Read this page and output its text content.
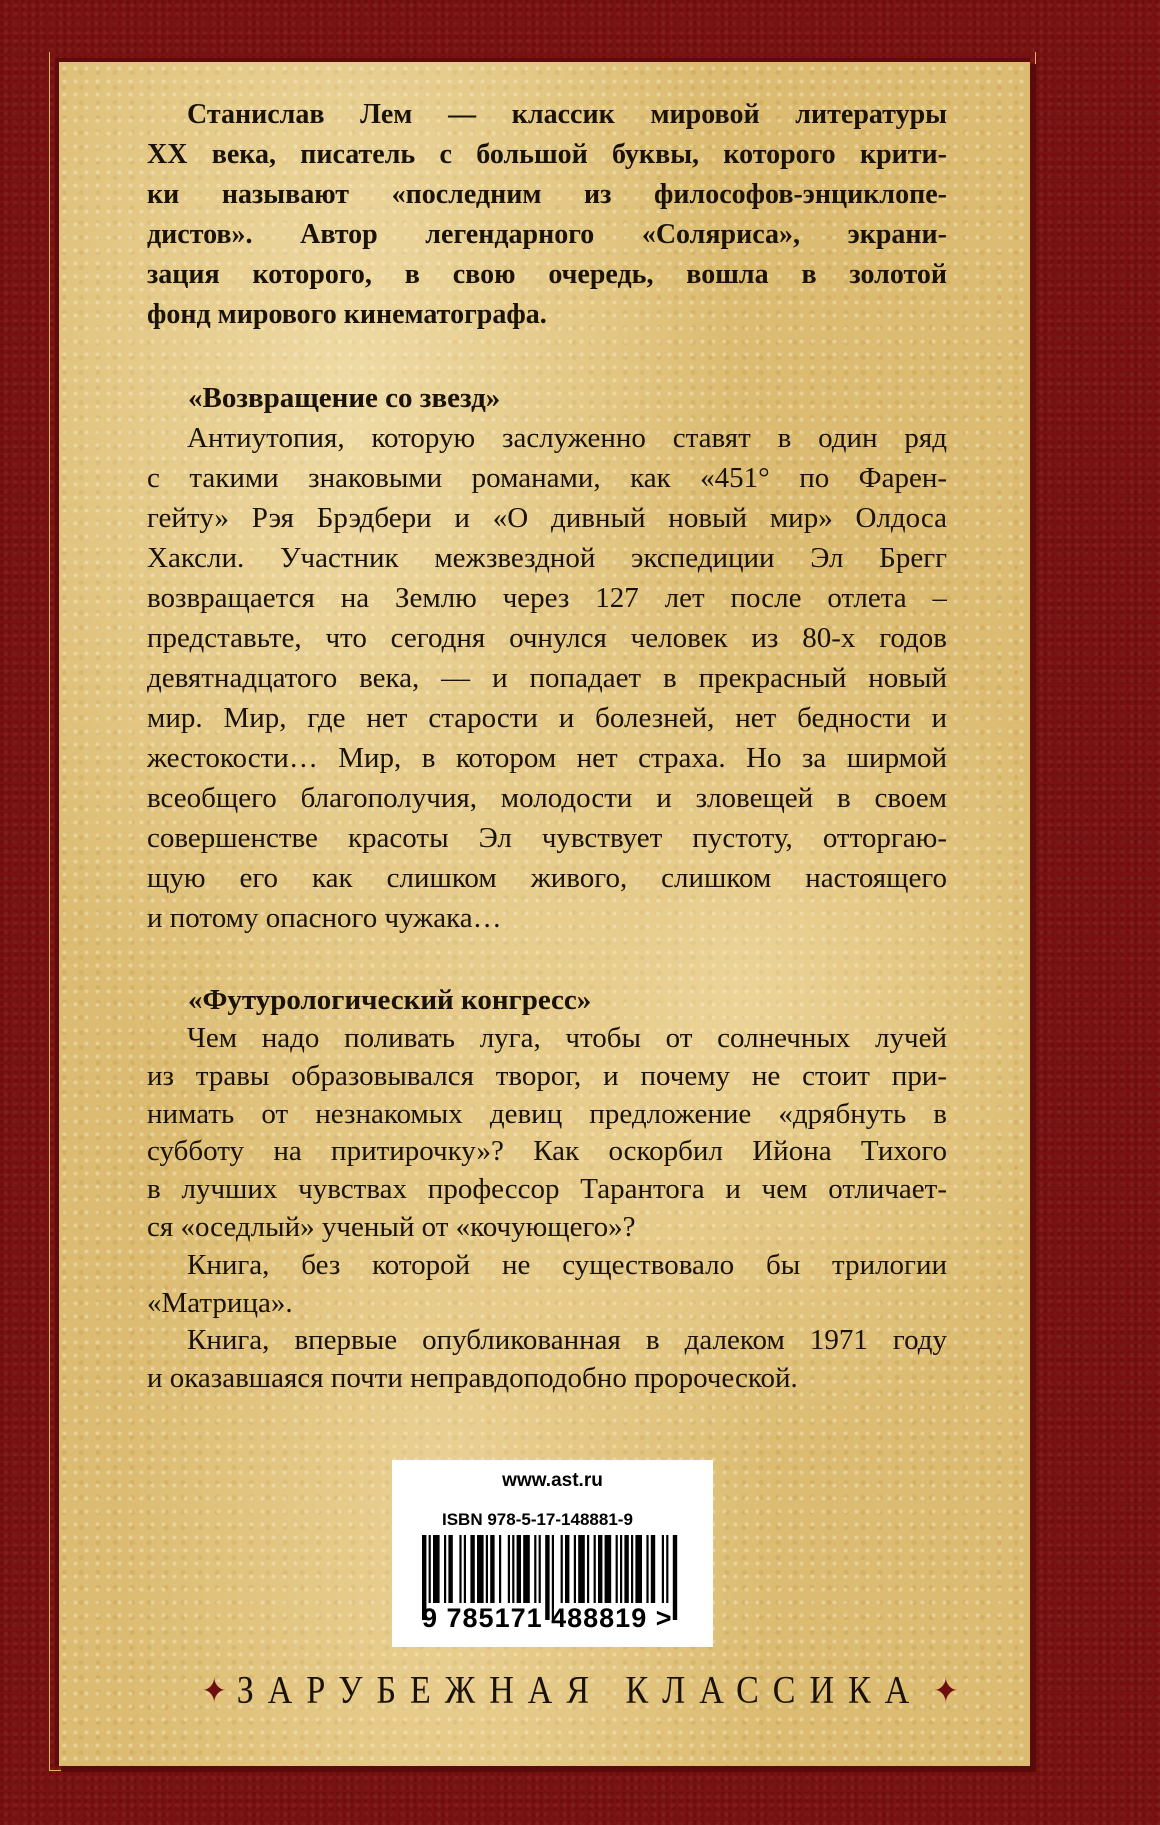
«Возвращение со звезд»
«Футурологический конгресс»
Станислав Лем — классик мировой литературы
XX века, писатель с большой буквы, которого крити-
ки называют «последним из философов-энциклопе-
дистов». Автор легендарного «Соляриса», экрани-
зация которого, в свою очередь, вошла в золотой
фонд мирового кинематографа.
Антиутопия, которую заслуженно ставят в один ряд
с такими знаковыми романами, как «451° по Фарен-
гейту» Рэя Брэдбери и «О дивный новый мир» Олдоса
Хаксли. Участник межзвездной экспедиции Эл Брегг
возвращается на Землю через 127 лет после отлета –
представьте, что сегодня очнулся человек из 80-х годов
девятнадцатого века, — и попадает в прекрасный новый
мир. Мир, где нет старости и болезней, нет бедности и
жестокости… Мир, в котором нет страха. Но за ширмой
всеобщего благополучия, молодости и зловещей в своем
совершенстве красоты Эл чувствует пустоту, отторгаю-
щую его как слишком живого, слишком настоящего
и потому опасного чужака…
Чем надо поливать луга, чтобы от солнечных лучей
из травы образовывался творог, и почему не стоит при-
нимать от незнакомых девиц предложение «дрябнуть в
субботу на притирочку»? Как оскорбил Ийона Тихого
в лучших чувствах профессор Тарантога и чем отличает-
ся «оседлый» ученый от «кочующего»?
Книга, без которой не существовало бы трилогии
«Матрица».
Книга, впервые опубликованная в далеком 1971 году
и оказавшаяся почти неправдоподобно пророческой.
www.ast.ru
ISBN 978-5-17-148881-9
9 785171 488819 >
✦ ЗАРУБЕЖНАЯ КЛАССИКА ✦
